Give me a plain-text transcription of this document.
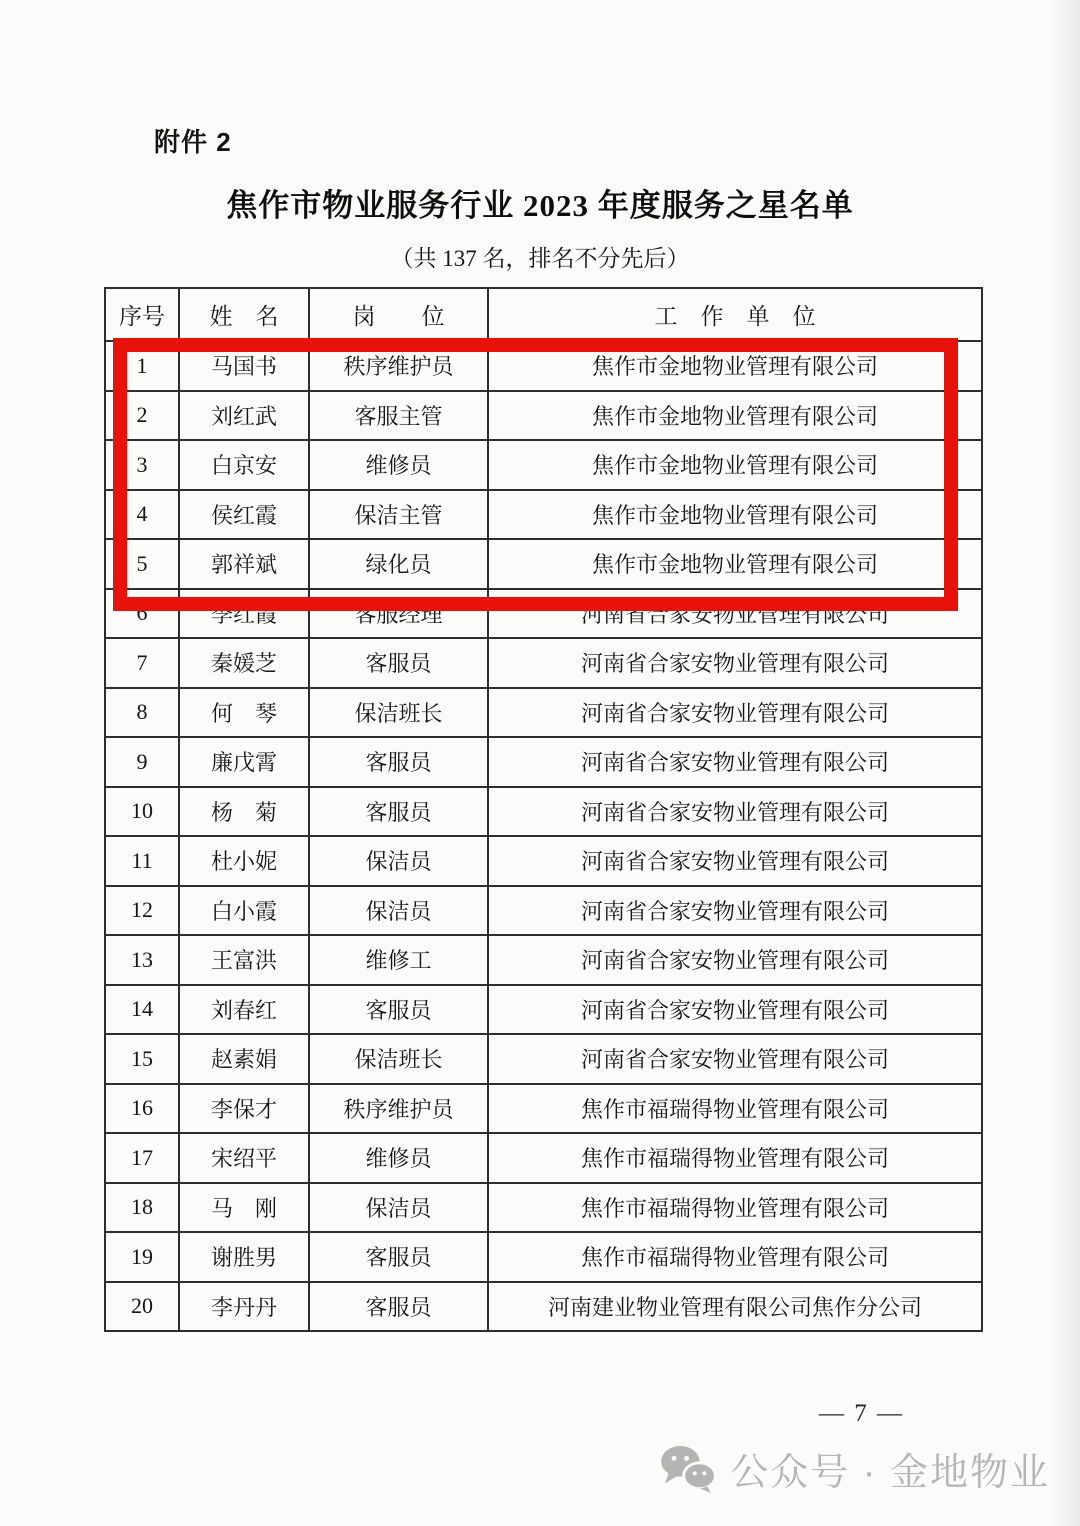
附件 2
焦作市物业服务行业 2023 年度服务之星名单
（共 137 名，排名不分先后）
序号	姓　名	岗　　位	工　作　单　位
1	马国书	秩序维护员	焦作市金地物业管理有限公司
2	刘红武	客服主管	焦作市金地物业管理有限公司
3	白京安	维修员	焦作市金地物业管理有限公司
4	侯红霞	保洁主管	焦作市金地物业管理有限公司
5	郭祥斌	绿化员	焦作市金地物业管理有限公司
6	李红霞	客服经理	河南省合家安物业管理有限公司
7	秦媛芝	客服员	河南省合家安物业管理有限公司
8	何　琴	保洁班长	河南省合家安物业管理有限公司
9	廉戊霄	客服员	河南省合家安物业管理有限公司
10	杨　菊	客服员	河南省合家安物业管理有限公司
11	杜小妮	保洁员	河南省合家安物业管理有限公司
12	白小霞	保洁员	河南省合家安物业管理有限公司
13	王富洪	维修工	河南省合家安物业管理有限公司
14	刘春红	客服员	河南省合家安物业管理有限公司
15	赵素娟	保洁班长	河南省合家安物业管理有限公司
16	李保才	秩序维护员	焦作市福瑞得物业管理有限公司
17	宋绍平	维修员	焦作市福瑞得物业管理有限公司
18	马　刚	保洁员	焦作市福瑞得物业管理有限公司
19	谢胜男	客服员	焦作市福瑞得物业管理有限公司
20	李丹丹	客服员	河南建业物业管理有限公司焦作分公司
— 7 —
公众号 · 金地物业
